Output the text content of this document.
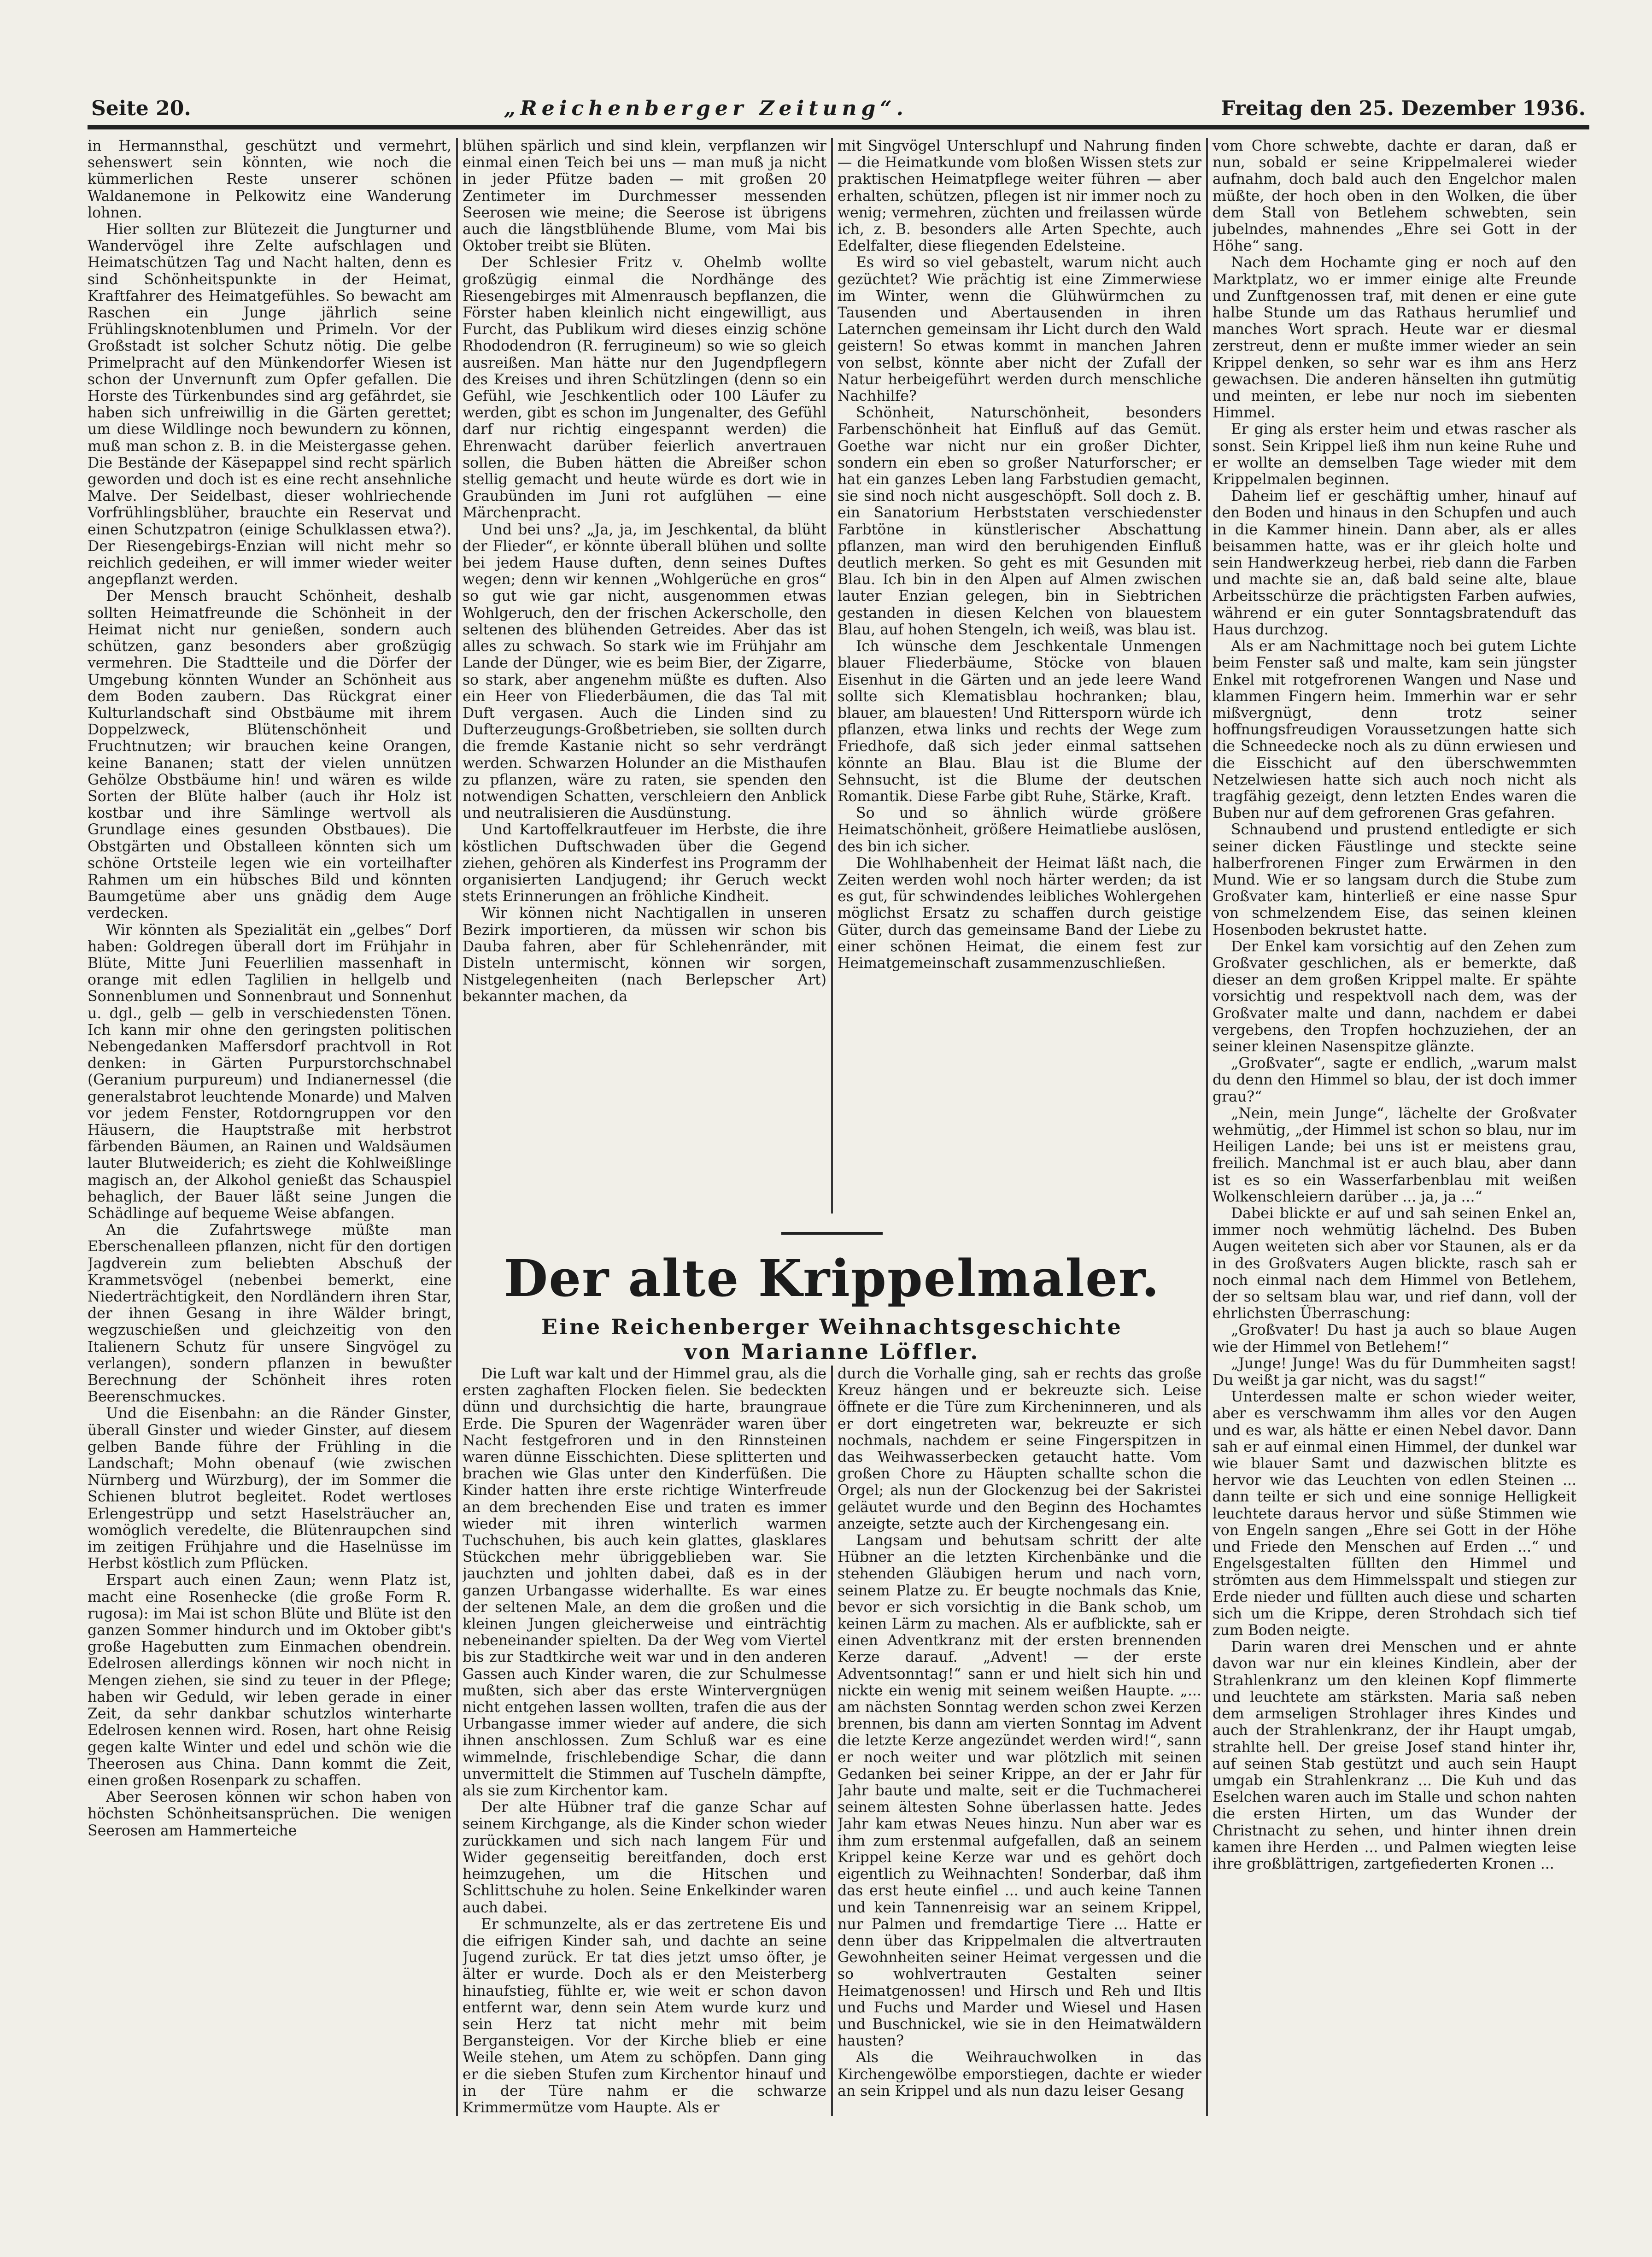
Seite 20.	„Reichenberger Zeitung“.	Freitag den 25. Dezember 1936.

in Hermannsthal, geschützt und vermehrt, sehenswert sein könnten, wie noch die kümmerlichen Reste unserer schönen Waldanemone in Pelkowitz eine Wanderung lohnen.

Hier sollten zur Blütezeit die Jungturner und Wandervögel ihre Zelte aufschlagen und Heimatschützen Tag und Nacht halten, denn es sind Schönheitspunkte in der Heimat, Kraftfahrer des Heimatgefühles. So bewacht am Raschen ein Junge jährlich seine Frühlingsknotenblumen und Primeln. Vor der Großstadt ist solcher Schutz nötig. Die gelbe Primelpracht auf den Münkendorfer Wiesen ist schon der Unvernunft zum Opfer gefallen. Die Horste des Türkenbundes sind arg gefährdet, sie haben sich unfreiwillig in die Gärten gerettet; um diese Wildlinge noch bewundern zu können, muß man schon z. B. in die Meistergasse gehen. Die Bestände der Käsepappel sind recht spärlich geworden und doch ist es eine recht ansehnliche Malve. Der Seidelbast, dieser wohlriechende Vorfrühlingsblüher, brauchte ein Reservat und einen Schutzpatron (einige Schulklassen etwa?). Der Riesengebirgs-Enzian will nicht mehr so reichlich gedeihen, er will immer wieder weiter angepflanzt werden.

Der Mensch braucht Schönheit, deshalb sollten Heimatfreunde die Schönheit in der Heimat nicht nur genießen, sondern auch schützen, ganz besonders aber großzügig vermehren. Die Stadtteile und die Dörfer der Umgebung könnten Wunder an Schönheit aus dem Boden zaubern. Das Rückgrat einer Kulturlandschaft sind Obstbäume mit ihrem Doppelzweck, Blütenschönheit und Fruchtnutzen; wir brauchen keine Orangen, keine Bananen; statt der vielen unnützen Gehölze Obstbäume hin! und wären es wilde Sorten der Blüte halber (auch ihr Holz ist kostbar und ihre Sämlinge wertvoll als Grundlage eines gesunden Obstbaues). Die Obstgärten und Obstalleen könnten sich um schöne Ortsteile legen wie ein vorteilhafter Rahmen um ein hübsches Bild und könnten Baumgetüme aber uns gnädig dem Auge verdecken.

Wir könnten als Spezialität ein „gelbes“ Dorf haben: Goldregen überall dort im Frühjahr in Blüte, Mitte Juni Feuerlilien massenhaft in orange mit edlen Taglilien in hellgelb und Sonnenblumen und Sonnenbraut und Sonnenhut u. dgl., gelb — gelb in verschiedensten Tönen. Ich kann mir ohne den geringsten politischen Nebengedanken Maffersdorf prachtvoll in Rot denken: in Gärten Purpurstorchschnabel (Geranium purpureum) und Indianernessel (die generalstabrot leuchtende Monarde) und Malven vor jedem Fenster, Rotdorngruppen vor den Häusern, die Hauptstraße mit herbstrot färbenden Bäumen, an Rainen und Waldsäumen lauter Blutweiderich; es zieht die Kohlweißlinge magisch an, der Alkohol genießt das Schauspiel behaglich, der Bauer läßt seine Jungen die Schädlinge auf bequeme Weise abfangen.

An die Zufahrtswege müßte man Eberschenalleen pflanzen, nicht für den dortigen Jagdverein zum beliebten Abschuß der Krammetsvögel (nebenbei bemerkt, eine Niederträchtigkeit, den Nordländern ihren Star, der ihnen Gesang in ihre Wälder bringt, wegzuschießen und gleichzeitig von den Italienern Schutz für unsere Singvögel zu verlangen), sondern pflanzen in bewußter Berechnung der Schönheit ihres roten Beerenschmuckes.

Und die Eisenbahn: an die Ränder Ginster, überall Ginster und wieder Ginster, auf diesem gelben Bande führe der Frühling in die Landschaft; Mohn obenauf (wie zwischen Nürnberg und Würzburg), der im Sommer die Schienen blutrot begleitet. Rodet wertloses Erlengestrüpp und setzt Haselsträucher an, womöglich veredelte, die Blütenraupchen sind im zeitigen Frühjahre und die Haselnüsse im Herbst köstlich zum Pflücken.

Erspart auch einen Zaun; wenn Platz ist, macht eine Rosenhecke (die große Form R. rugosa): im Mai ist schon Blüte und Blüte ist den ganzen Sommer hindurch und im Oktober gibt's große Hagebutten zum Einmachen obendrein. Edelrosen allerdings können wir noch nicht in Mengen ziehen, sie sind zu teuer in der Pflege; haben wir Geduld, wir leben gerade in einer Zeit, da sehr dankbar schutzlos winterharte Edelrosen kennen wird. Rosen, hart ohne Reisig gegen kalte Winter und edel und schön wie die Theerosen aus China. Dann kommt die Zeit, einen großen Rosenpark zu schaffen.

Aber Seerosen können wir schon haben von höchsten Schönheitsansprüchen. Die wenigen Seerosen am Hammerteiche

blühen spärlich und sind klein, verpflanzen wir einmal einen Teich bei uns — man muß ja nicht in jeder Pfütze baden — mit großen 20 Zentimeter im Durchmesser messenden Seerosen wie meine; die Seerose ist übrigens auch die längstblühende Blume, vom Mai bis Oktober treibt sie Blüten.

Der Schlesier Fritz v. Ohelmb wollte großzügig einmal die Nordhänge des Riesengebirges mit Almenrausch bepflanzen, die Förster haben kleinlich nicht eingewilligt, aus Furcht, das Publikum wird dieses einzig schöne Rhododendron (R. ferrugineum) so wie so gleich ausreißen. Man hätte nur den Jugendpflegern des Kreises und ihren Schützlingen (denn so ein Gefühl, wie Jeschkentlich oder 100 Läufer zu werden, gibt es schon im Jungenalter, des Gefühl darf nur richtig eingespannt werden) die Ehrenwacht darüber feierlich anvertrauen sollen, die Buben hätten die Abreißer schon stellig gemacht und heute würde es dort wie in Graubünden im Juni rot aufglühen — eine Märchenpracht.

Und bei uns? „Ja, ja, im Jeschkental, da blüht der Flieder“, er könnte überall blühen und sollte bei jedem Hause duften, denn seines Duftes wegen; denn wir kennen „Wohlgerüche en gros“ so gut wie gar nicht, ausgenommen etwas Wohlgeruch, den der frischen Ackerscholle, den seltenen des blühenden Getreides. Aber das ist alles zu schwach. So stark wie im Frühjahr am Lande der Dünger, wie es beim Bier, der Zigarre, so stark, aber angenehm müßte es duften. Also ein Heer von Fliederbäumen, die das Tal mit Duft vergasen. Auch die Linden sind zu Dufterzeugungs-Großbetrieben, sie sollten durch die fremde Kastanie nicht so sehr verdrängt werden. Schwarzen Holunder an die Misthaufen zu pflanzen, wäre zu raten, sie spenden den notwendigen Schatten, verschleiern den Anblick und neutralisieren die Ausdünstung.

Und Kartoffelkrautfeuer im Herbste, die ihre köstlichen Duftschwaden über die Gegend ziehen, gehören als Kinderfest ins Programm der organisierten Landjugend; ihr Geruch weckt stets Erinnerungen an fröhliche Kindheit.

Wir können nicht Nachtigallen in unseren Bezirk importieren, da müssen wir schon bis Dauba fahren, aber für Schlehenränder, mit Disteln untermischt, können wir sorgen, Nistgelegenheiten (nach Berlepscher Art) bekannter machen, da

mit Singvögel Unterschlupf und Nahrung finden — die Heimatkunde vom bloßen Wissen stets zur praktischen Heimatpflege weiter führen — aber erhalten, schützen, pflegen ist nir immer noch zu wenig; vermehren, züchten und freilassen würde ich, z. B. besonders alle Arten Spechte, auch Edelfalter, diese fliegenden Edelsteine.

Es wird so viel gebastelt, warum nicht auch gezüchtet? Wie prächtig ist eine Zimmerwiese im Winter, wenn die Glühwürmchen zu Tausenden und Abertausenden in ihren Laternchen gemeinsam ihr Licht durch den Wald geistern! So etwas kommt in manchen Jahren von selbst, könnte aber nicht der Zufall der Natur herbeigeführt werden durch menschliche Nachhilfe?

Schönheit, Naturschönheit, besonders Farbenschönheit hat Einfluß auf das Gemüt. Goethe war nicht nur ein großer Dichter, sondern ein eben so großer Naturforscher; er hat ein ganzes Leben lang Farbstudien gemacht, sie sind noch nicht ausgeschöpft. Soll doch z. B. ein Sanatorium Herbststaten verschiedenster Farbtöne in künstlerischer Abschattung pflanzen, man wird den beruhigenden Einfluß deutlich merken. So geht es mit Gesunden mit Blau. Ich bin in den Alpen auf Almen zwischen lauter Enzian gelegen, bin in Siebtrichen gestanden in diesen Kelchen von blauestem Blau, auf hohen Stengeln, ich weiß, was blau ist.

Ich wünsche dem Jeschkentale Unmengen blauer Fliederbäume, Stöcke von blauen Eisenhut in die Gärten und an jede leere Wand sollte sich Klematisblau hochranken; blau, blauer, am blauesten! Und Rittersporn würde ich pflanzen, etwa links und rechts der Wege zum Friedhofe, daß sich jeder einmal sattsehen könnte an Blau. Blau ist die Blume der Sehnsucht, ist die Blume der deutschen Romantik. Diese Farbe gibt Ruhe, Stärke, Kraft.

So und so ähnlich würde größere Heimatschönheit, größere Heimatliebe auslösen, des bin ich sicher.

Die Wohlhabenheit der Heimat läßt nach, die Zeiten werden wohl noch härter werden; da ist es gut, für schwindendes leibliches Wohlergehen möglichst Ersatz zu schaffen durch geistige Güter, durch das gemeinsame Band der Liebe zu einer schönen Heimat, die einem fest zur Heimatgemeinschaft zusammenzuschließen.

Der alte Krippelmaler.
Eine Reichenberger Weihnachtsgeschichte
von Marianne Löffler.

Die Luft war kalt und der Himmel grau, als die ersten zaghaften Flocken fielen. Sie bedeckten dünn und durchsichtig die harte, braungraue Erde. Die Spuren der Wagenräder waren über Nacht festgefroren und in den Rinnsteinen waren dünne Eisschichten. Diese splitterten und brachen wie Glas unter den Kinderfüßen. Die Kinder hatten ihre erste richtige Winterfreude an dem brechenden Eise und traten es immer wieder mit ihren winterlich warmen Tuchschuhen, bis auch kein glattes, glasklares Stückchen mehr übriggeblieben war. Sie jauchzten und johlten dabei, daß es in der ganzen Urbangasse widerhallte. Es war eines der seltenen Male, an dem die großen und die kleinen Jungen gleicherweise und einträchtig nebeneinander spielten. Da der Weg vom Viertel bis zur Stadtkirche weit war und in den anderen Gassen auch Kinder waren, die zur Schulmesse mußten, sich aber das erste Wintervergnügen nicht entgehen lassen wollten, trafen die aus der Urbangasse immer wieder auf andere, die sich ihnen anschlossen. Zum Schluß war es eine wimmelnde, frischlebendige Schar, die dann unvermittelt die Stimmen auf Tuscheln dämpfte, als sie zum Kirchentor kam.

Der alte Hübner traf die ganze Schar auf seinem Kirchgange, als die Kinder schon wieder zurückkamen und sich nach langem Für und Wider gegenseitig bereitfanden, doch erst heimzugehen, um die Hitschen und Schlittschuhe zu holen. Seine Enkelkinder waren auch dabei.

Er schmunzelte, als er das zertretene Eis und die eifrigen Kinder sah, und dachte an seine Jugend zurück. Er tat dies jetzt umso öfter, je älter er wurde. Doch als er den Meisterberg hinaufstieg, fühlte er, wie weit er schon davon entfernt war, denn sein Atem wurde kurz und sein Herz tat nicht mehr mit beim Bergansteigen. Vor der Kirche blieb er eine Weile stehen, um Atem zu schöpfen. Dann ging er die sieben Stufen zum Kirchentor hinauf und in der Türe nahm er die schwarze Krimmermütze vom Haupte. Als er

durch die Vorhalle ging, sah er rechts das große Kreuz hängen und er bekreuzte sich. Leise öffnete er die Türe zum Kircheninneren, und als er dort eingetreten war, bekreuzte er sich nochmals, nachdem er seine Fingerspitzen in das Weihwasserbecken getaucht hatte. Vom großen Chore zu Häupten schallte schon die Orgel; als nun der Glockenzug bei der Sakristei geläutet wurde und den Beginn des Hochamtes anzeigte, setzte auch der Kirchengesang ein.

Langsam und behutsam schritt der alte Hübner an die letzten Kirchenbänke und die stehenden Gläubigen herum und nach vorn, seinem Platze zu. Er beugte nochmals das Knie, bevor er sich vorsichtig in die Bank schob, um keinen Lärm zu machen. Als er aufblickte, sah er einen Adventkranz mit der ersten brennenden Kerze darauf. „Advent! — der erste Adventsonntag!“ sann er und hielt sich hin und nickte ein wenig mit seinem weißen Haupte. „... am nächsten Sonntag werden schon zwei Kerzen brennen, bis dann am vierten Sonntag im Advent die letzte Kerze angezündet werden wird!“, sann er noch weiter und war plötzlich mit seinen Gedanken bei seiner Krippe, an der er Jahr für Jahr baute und malte, seit er die Tuchmacherei seinem ältesten Sohne überlassen hatte. Jedes Jahr kam etwas Neues hinzu. Nun aber war es ihm zum erstenmal aufgefallen, daß an seinem Krippel keine Kerze war und es gehört doch eigentlich zu Weihnachten! Sonderbar, daß ihm das erst heute einfiel ... und auch keine Tannen und kein Tannenreisig war an seinem Krippel, nur Palmen und fremdartige Tiere ... Hatte er denn über das Krippelmalen die altvertrauten Gewohnheiten seiner Heimat vergessen und die so wohlvertrauten Gestalten seiner Heimatgenossen! und Hirsch und Reh und Iltis und Fuchs und Marder und Wiesel und Hasen und Buschnickel, wie sie in den Heimatwäldern hausten?

Als die Weihrauchwolken in das Kirchengewölbe emporstiegen, dachte er wieder an sein Krippel und als nun dazu leiser Gesang

vom Chore schwebte, dachte er daran, daß er nun, sobald er seine Krippelmalerei wieder aufnahm, doch bald auch den Engelchor malen müßte, der hoch oben in den Wolken, die über dem Stall von Betlehem schwebten, sein jubelndes, mahnendes „Ehre sei Gott in der Höhe“ sang.

Nach dem Hochamte ging er noch auf den Marktplatz, wo er immer einige alte Freunde und Zunftgenossen traf, mit denen er eine gute halbe Stunde um das Rathaus herumlief und manches Wort sprach. Heute war er diesmal zerstreut, denn er mußte immer wieder an sein Krippel denken, so sehr war es ihm ans Herz gewachsen. Die anderen hänselten ihn gutmütig und meinten, er lebe nur noch im siebenten Himmel.

Er ging als erster heim und etwas rascher als sonst. Sein Krippel ließ ihm nun keine Ruhe und er wollte an demselben Tage wieder mit dem Krippelmalen beginnen.

Daheim lief er geschäftig umher, hinauf auf den Boden und hinaus in den Schupfen und auch in die Kammer hinein. Dann aber, als er alles beisammen hatte, was er ihr gleich holte und sein Handwerkzeug herbei, rieb dann die Farben und machte sie an, daß bald seine alte, blaue Arbeitsschürze die prächtigsten Farben aufwies, während er ein guter Sonntagsbratenduft das Haus durchzog.

Als er am Nachmittage noch bei gutem Lichte beim Fenster saß und malte, kam sein jüngster Enkel mit rotgefrorenen Wangen und Nase und klammen Fingern heim. Immerhin war er sehr mißvergnügt, denn trotz seiner hoffnungsfreudigen Voraussetzungen hatte sich die Schneedecke noch als zu dünn erwiesen und die Eisschicht auf den überschwemmten Netzelwiesen hatte sich auch noch nicht als tragfähig gezeigt, denn letzten Endes waren die Buben nur auf dem gefrorenen Gras gefahren.

Schnaubend und prustend entledigte er sich seiner dicken Fäustlinge und steckte seine halberfrorenen Finger zum Erwärmen in den Mund. Wie er so langsam durch die Stube zum Großvater kam, hinterließ er eine nasse Spur von schmelzendem Eise, das seinen kleinen Hosenboden bekrustet hatte.

Der Enkel kam vorsichtig auf den Zehen zum Großvater geschlichen, als er bemerkte, daß dieser an dem großen Krippel malte. Er spähte vorsichtig und respektvoll nach dem, was der Großvater malte und dann, nachdem er dabei vergebens, den Tropfen hochzuziehen, der an seiner kleinen Nasenspitze glänzte.

„Großvater“, sagte er endlich, „warum malst du denn den Himmel so blau, der ist doch immer grau?“

„Nein, mein Junge“, lächelte der Großvater wehmütig, „der Himmel ist schon so blau, nur im Heiligen Lande; bei uns ist er meistens grau, freilich. Manchmal ist er auch blau, aber dann ist es so ein Wasserfarbenblau mit weißen Wolkenschleiern darüber ... ja, ja ...“

Dabei blickte er auf und sah seinen Enkel an, immer noch wehmütig lächelnd. Des Buben Augen weiteten sich aber vor Staunen, als er da in des Großvaters Augen blickte, rasch sah er noch einmal nach dem Himmel von Betlehem, der so seltsam blau war, und rief dann, voll der ehrlichsten Überraschung:

„Großvater! Du hast ja auch so blaue Augen wie der Himmel von Betlehem!“

„Junge! Junge! Was du für Dummheiten sagst! Du weißt ja gar nicht, was du sagst!“

Unterdessen malte er schon wieder weiter, aber es verschwamm ihm alles vor den Augen und es war, als hätte er einen Nebel davor. Dann sah er auf einmal einen Himmel, der dunkel war wie blauer Samt und dazwischen blitzte es hervor wie das Leuchten von edlen Steinen ... dann teilte er sich und eine sonnige Helligkeit leuchtete daraus hervor und süße Stimmen wie von Engeln sangen „Ehre sei Gott in der Höhe und Friede den Menschen auf Erden ...“ und Engelsgestalten füllten den Himmel und strömten aus dem Himmelsspalt und stiegen zur Erde nieder und füllten auch diese und scharten sich um die Krippe, deren Strohdach sich tief zum Boden neigte.

Darin waren drei Menschen und er ahnte davon war nur ein kleines Kindlein, aber der Strahlenkranz um den kleinen Kopf flimmerte und leuchtete am stärksten. Maria saß neben dem armseligen Strohlager ihres Kindes und auch der Strahlenkranz, der ihr Haupt umgab, strahlte hell. Der greise Josef stand hinter ihr, auf seinen Stab gestützt und auch sein Haupt umgab ein Strahlenkranz ... Die Kuh und das Eselchen waren auch im Stalle und schon nahten die ersten Hirten, um das Wunder der Christnacht zu sehen, und hinter ihnen drein kamen ihre Herden ... und Palmen wiegten leise ihre großblättrigen, zartgefiederten Kronen ...
